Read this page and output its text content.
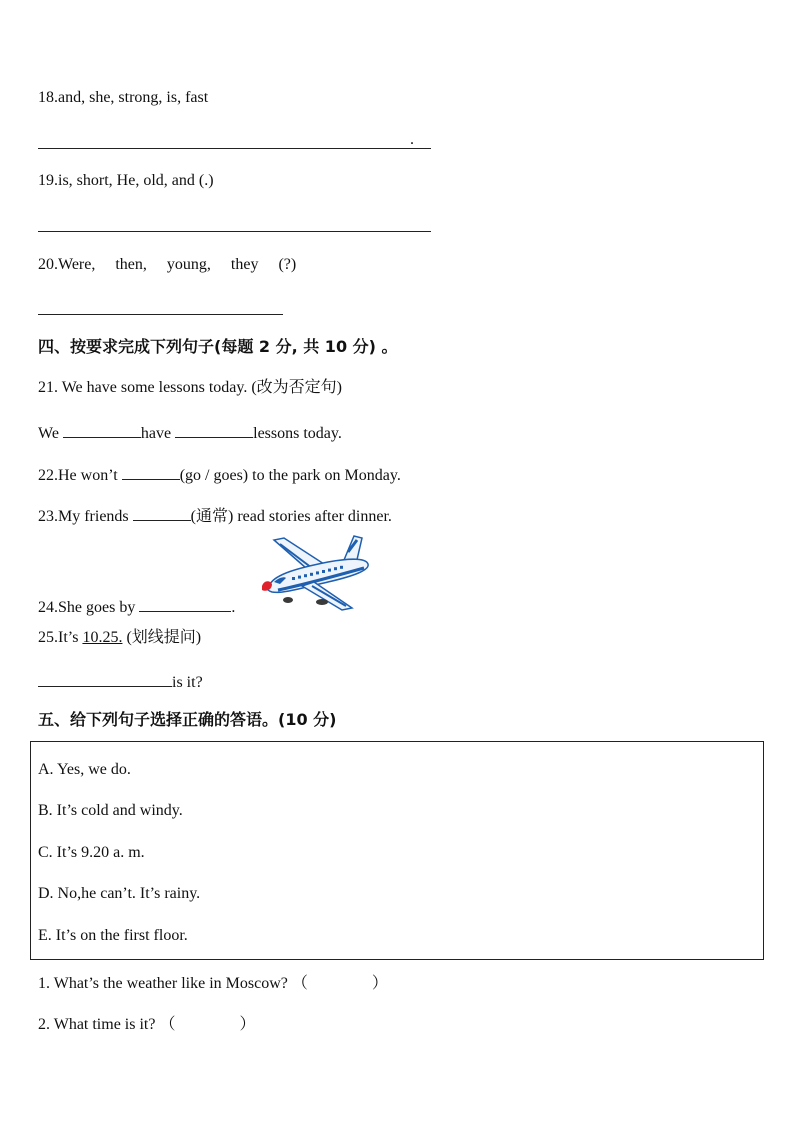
18.and, she, strong, is, fast
.
19.is, short, He, old, and (.)
20.Were, then, young, they (?)
四、按要求完成下列句子(每题 2 分, 共 10 分) 。
21. We have some lessons today. (改为否定句)
We	have	lessons today.
22.He won’t	(go / goes) to the park on Monday.
23.My friends	(通常) read stories after dinner.
24.She goes by	.
25.It’s 10.25. (划线提问)
is it?
五、给下列句子选择正确的答语。(10 分)
A. Yes, we do.
B. It’s cold and windy.
C. It’s 9.20 a. m.
D. No,he can’t. It’s rainy.
E. It’s on the first floor.
1. What’s the weather like in Moscow? （　　　　）
2. What time is it? （　　　　）
